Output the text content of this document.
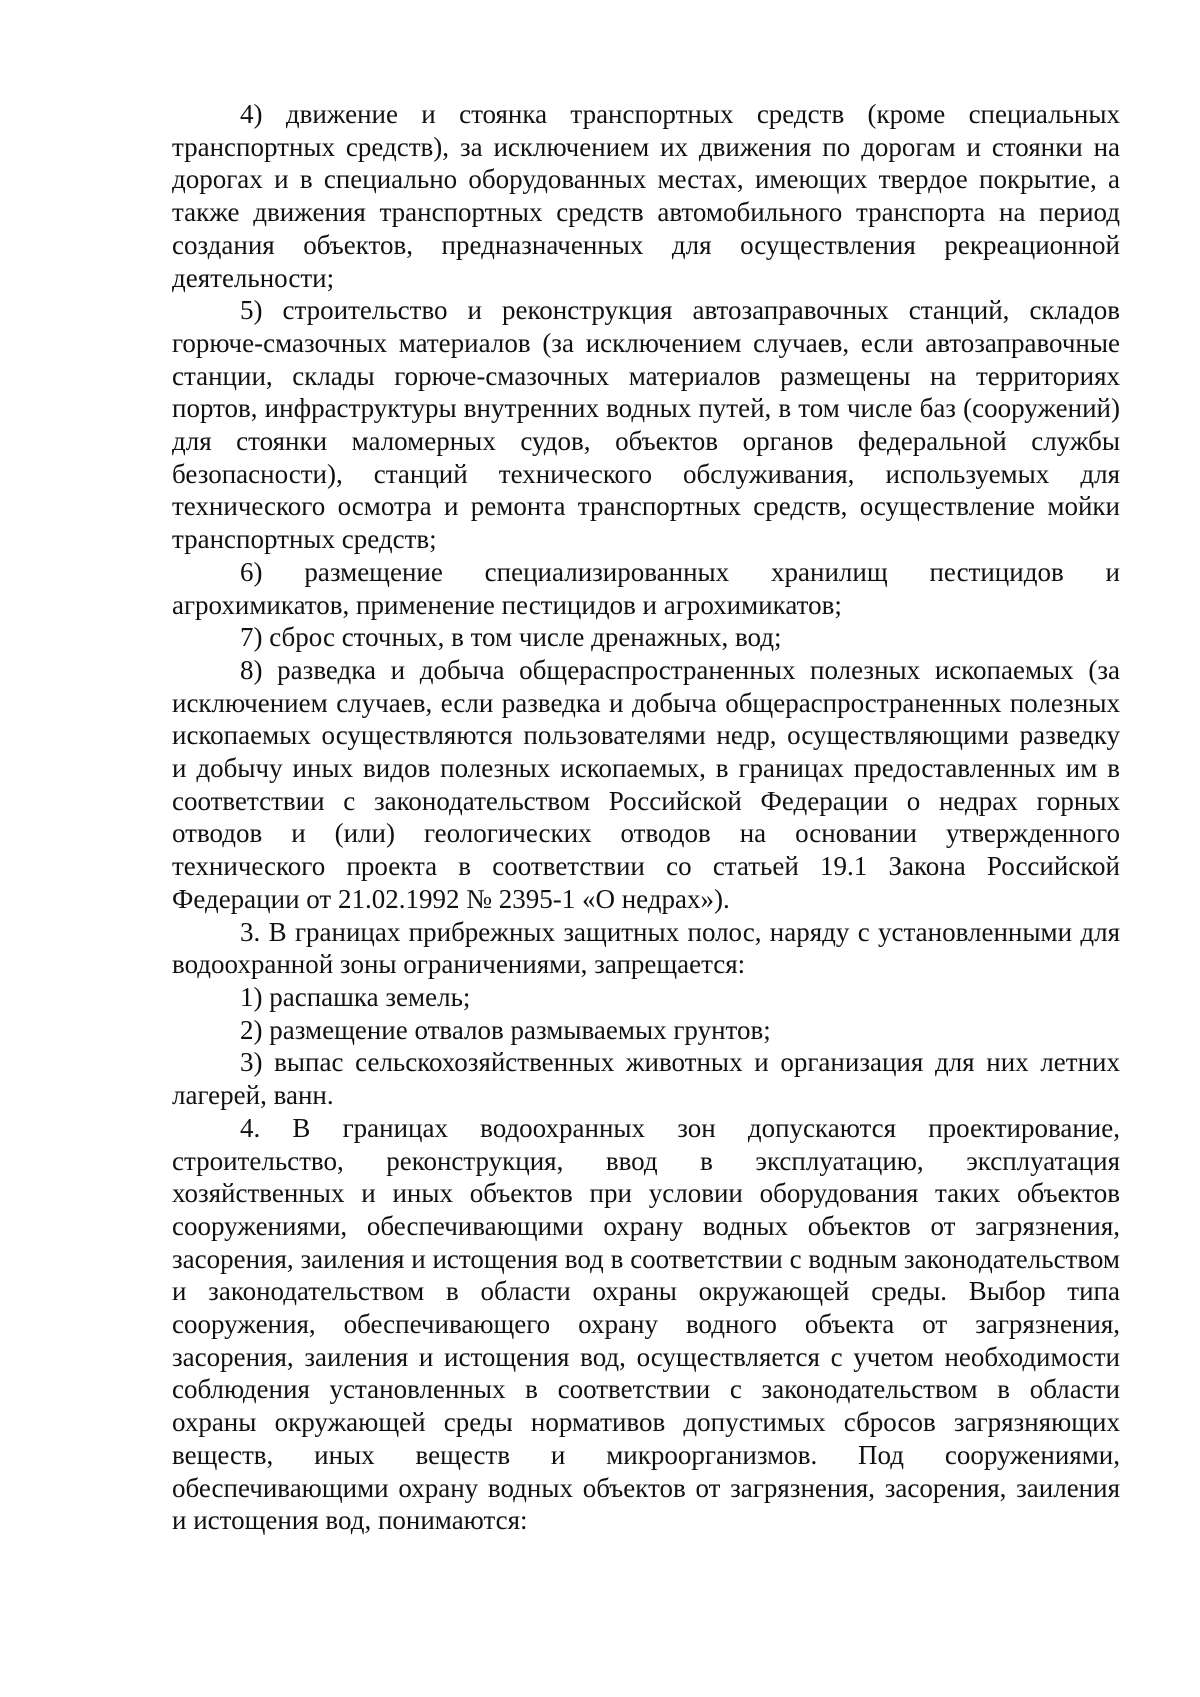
4) движение и стоянка транспортных средств (кроме специальных транспортных средств), за исключением их движения по дорогам и стоянки на дорогах и в специально оборудованных местах, имеющих твердое покрытие, а также движения транспортных средств автомобильного транспорта на период создания объектов, предназначенных для осуществления рекреационной деятельности;

5) строительство и реконструкция автозаправочных станций, складов горюче-смазочных материалов (за исключением случаев, если автозаправочные станции, склады горюче-смазочных материалов размещены на территориях портов, инфраструктуры внутренних водных путей, в том числе баз (сооружений) для стоянки маломерных судов, объектов органов федеральной службы безопасности), станций технического обслуживания, используемых для технического осмотра и ремонта транспортных средств, осуществление мойки транспортных средств;

6) размещение специализированных хранилищ пестицидов и агрохимикатов, применение пестицидов и агрохимикатов;

7) сброс сточных, в том числе дренажных, вод;

8) разведка и добыча общераспространенных полезных ископаемых (за исключением случаев, если разведка и добыча общераспространенных полезных ископаемых осуществляются пользователями недр, осуществляющими разведку и добычу иных видов полезных ископаемых, в границах предоставленных им в соответствии с законодательством Российской Федерации о недрах горных отводов и (или) геологических отводов на основании утвержденного технического проекта в соответствии со статьей 19.1 Закона Российской Федерации от 21.02.1992 № 2395-1 «О недрах»).

3. В границах прибрежных защитных полос, наряду с установленными для водоохранной зоны ограничениями, запрещается:

1) распашка земель;

2) размещение отвалов размываемых грунтов;

3) выпас сельскохозяйственных животных и организация для них летних лагерей, ванн.

4. В границах водоохранных зон допускаются проектирование, строительство, реконструкция, ввод в эксплуатацию, эксплуатация хозяйственных и иных объектов при условии оборудования таких объектов сооружениями, обеспечивающими охрану водных объектов от загрязнения, засорения, заиления и истощения вод в соответствии с водным законодательством и законодательством в области охраны окружающей среды. Выбор типа сооружения, обеспечивающего охрану водного объекта от загрязнения, засорения, заиления и истощения вод, осуществляется с учетом необходимости соблюдения установленных в соответствии с законодательством в области охраны окружающей среды нормативов допустимых сбросов загрязняющих веществ, иных веществ и микроорганизмов. Под сооружениями, обеспечивающими охрану водных объектов от загрязнения, засорения, заиления и истощения вод, понимаются:
